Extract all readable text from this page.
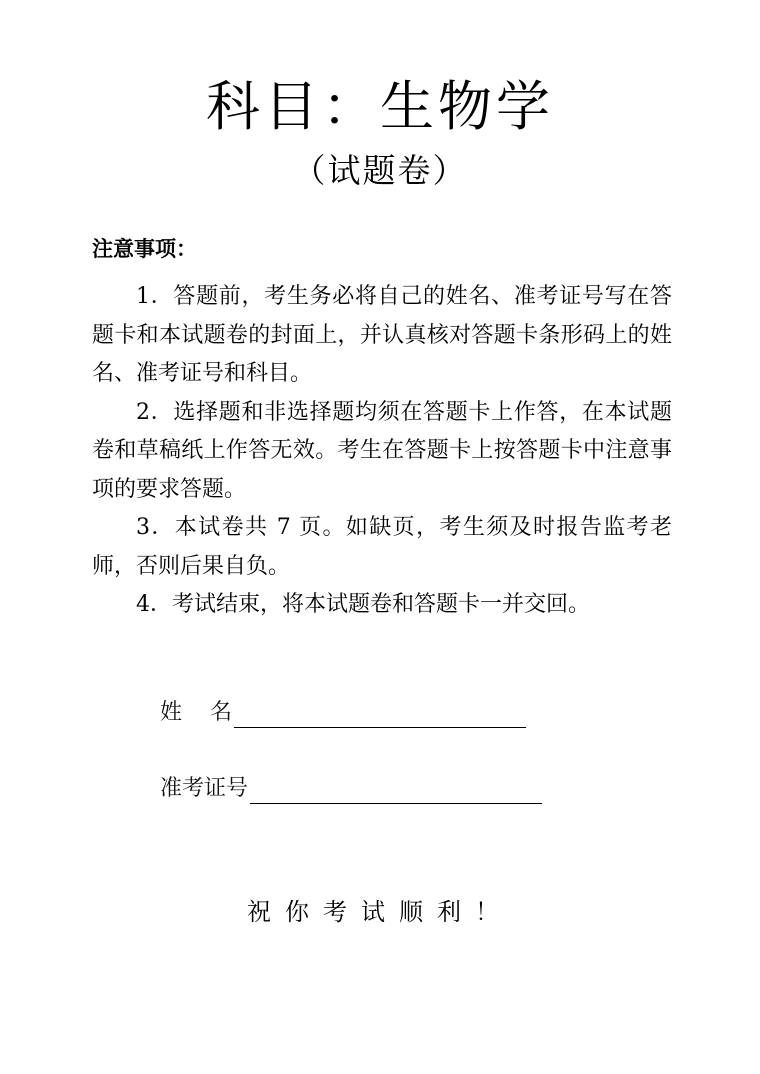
科目：生物学
（试题卷）
注意事项：

1．答题前，考生务必将自己的姓名、准考证号写在答题卡和本试题卷的封面上，并认真核对答题卡条形码上的姓名、准考证号和科目。

2．选择题和非选择题均须在答题卡上作答，在本试题卷和草稿纸上作答无效。考生在答题卡上按答题卡中注意事项的要求答题。

3．本试卷共 7 页。如缺页，考生须及时报告监考老师，否则后果自负。

4．考试结束，将本试题卷和答题卡一并交回。

姓    名
准考证号
祝你考试顺利！
